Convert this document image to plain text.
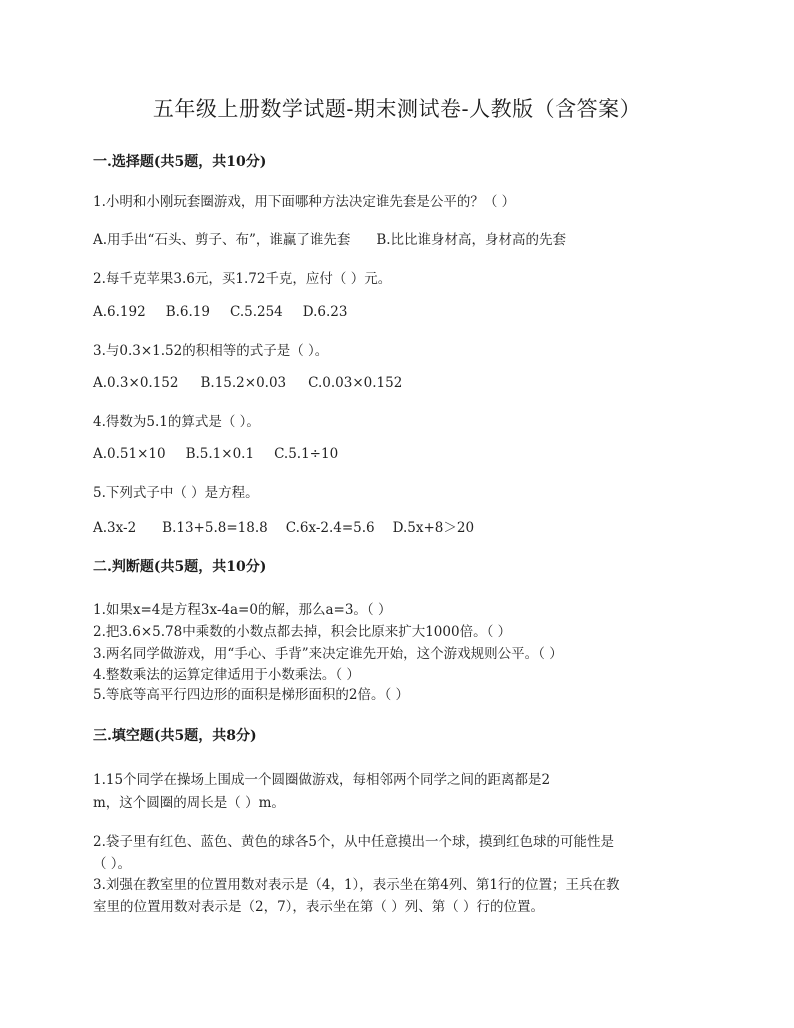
五年级上册数学试题-期末测试卷-人教版（含答案）
一.选择题(共5题，共10分)
1.小明和小刚玩套圈游戏，用下面哪种方法决定谁先套是公平的？（ ）
A.用手出“石头、剪子、布”，谁赢了谁先套 B.比比谁身材高，身材高的先套
2.每千克苹果3.6元，买1.72千克，应付（ ）元。
A.6.192 B.6.19 C.5.254 D.6.23
3.与0.3×1.52的积相等的式子是（ ）。
A.0.3×0.152 B.15.2×0.03 C.0.03×0.152
4.得数为5.1的算式是（ ）。
A.0.51×10 B.5.1×0.1 C.5.1÷10
5.下列式子中（ ）是方程。
A.3x-2 B.13+5.8=18.8 C.6x-2.4=5.6 D.5x+8＞20
二.判断题(共5题，共10分)
1.如果x=4是方程3x-4a=0的解，那么a=3。（ ）
2.把3.6×5.78中乘数的小数点都去掉，积会比原来扩大1000倍。（ ）
3.两名同学做游戏，用“手心、手背”来决定谁先开始，这个游戏规则公平。（ ）
4.整数乘法的运算定律适用于小数乘法。（ ）
5.等底等高平行四边形的面积是梯形面积的2倍。（ ）
三.填空题(共5题，共8分)
1.15个同学在操场上围成一个圆圈做游戏，每相邻两个同学之间的距离都是2
m，这个圆圈的周长是（ ）m。
2.袋子里有红色、蓝色、黄色的球各5个，从中任意摸出一个球，摸到红色球的可能性是
（ ）。
3.刘强在教室里的位置用数对表示是（4，1），表示坐在第4列、第1行的位置；王兵在教
室里的位置用数对表示是（2，7），表示坐在第（ ）列、第（ ）行的位置。
